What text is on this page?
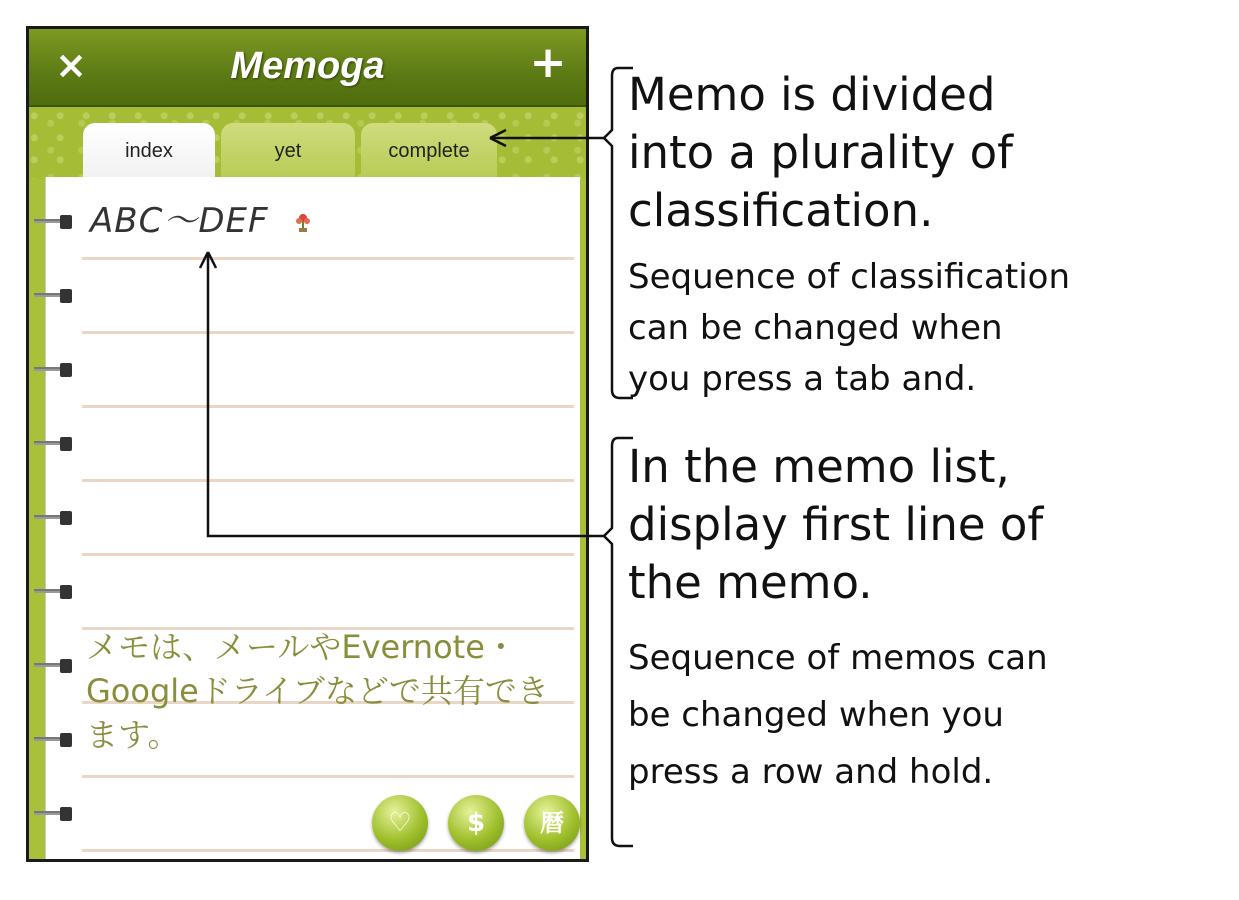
×	Memoga	+
index	yet	complete
ABC〜DEF
メモは、メールやEvernote・Googleドライブなどで共有できます。
♡	$	暦
Memo is divided
into a plurality of
classification.
Sequence of classification
can be changed when
you press a tab and.
In the memo list,
display first line of
the memo.
Sequence of memos can
be changed when you
press a row and hold.
